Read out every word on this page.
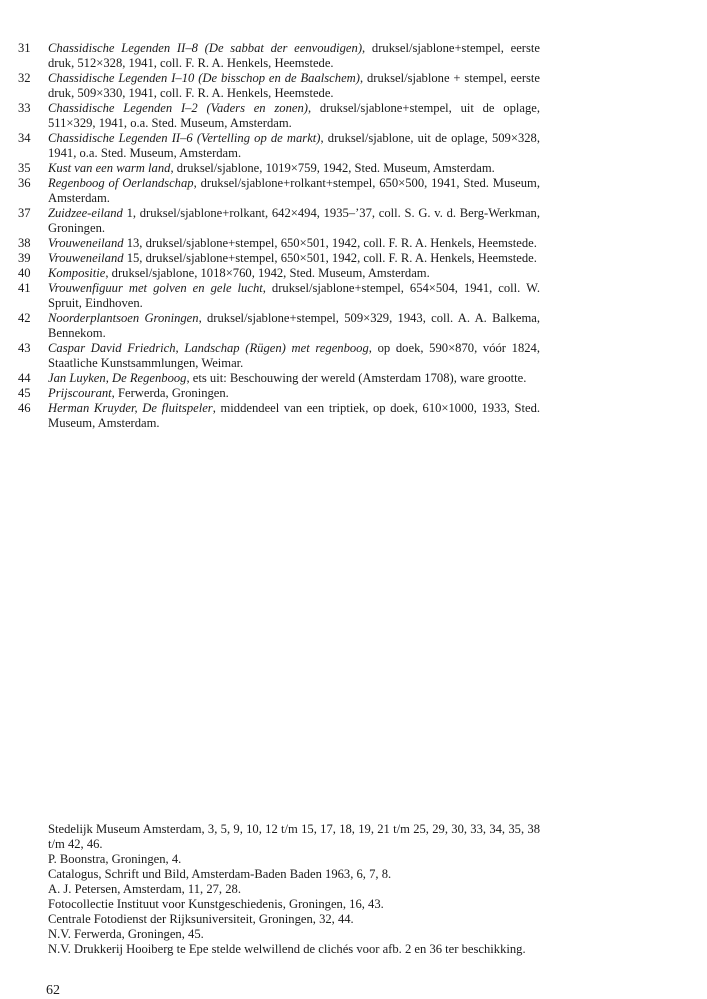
31	Chassidische Legenden II–8 (De sabbat der eenvoudigen), druksel/sjablone+stempel, eerste druk, 512×328, 1941, coll. F. R. A. Henkels, Heemstede.
32	Chassidische Legenden I–10 (De bisschop en de Baalschem), druksel/sjablone + stempel, eerste druk, 509×330, 1941, coll. F. R. A. Henkels, Heemstede.
33	Chassidische Legenden I–2 (Vaders en zonen), druksel/sjablone+stempel, uit de oplage, 511×329, 1941, o.a. Sted. Museum, Amsterdam.
34	Chassidische Legenden II–6 (Vertelling op de markt), druksel/sjablone, uit de oplage, 509×328, 1941, o.a. Sted. Museum, Amsterdam.
35	Kust van een warm land, druksel/sjablone, 1019×759, 1942, Sted. Museum, Amsterdam.
36	Regenboog of Oerlandschap, druksel/sjablone+rolkant+stempel, 650×500, 1941, Sted. Museum, Amsterdam.
37	Zuidzee-eiland 1, druksel/sjablone+rolkant, 642×494, 1935–’37, coll. S. G. v. d. Berg-Werkman, Groningen.
38	Vrouweneiland 13, druksel/sjablone+stempel, 650×501, 1942, coll. F. R. A. Henkels, Heemstede.
39	Vrouweneiland 15, druksel/sjablone+stempel, 650×501, 1942, coll. F. R. A. Henkels, Heemstede.
40	Kompositie, druksel/sjablone, 1018×760, 1942, Sted. Museum, Amsterdam.
41	Vrouwenfiguur met golven en gele lucht, druksel/sjablone+stempel, 654×504, 1941, coll. W. Spruit, Eindhoven.
42	Noorderplantsoen Groningen, druksel/sjablone+stempel, 509×329, 1943, coll. A. A. Balkema, Bennekom.
43	Caspar David Friedrich, Landschap (Rügen) met regenboog, op doek, 590×870, vóór 1824, Staatliche Kunstsammlungen, Weimar.
44	Jan Luyken, De Regenboog, ets uit: Beschouwing der wereld (Amsterdam 1708), ware grootte.
45	Prijscourant, Ferwerda, Groningen.
46	Herman Kruyder, De fluitspeler, middendeel van een triptiek, op doek, 610×1000, 1933, Sted. Museum, Amsterdam.
Stedelijk Museum Amsterdam, 3, 5, 9, 10, 12 t/m 15, 17, 18, 19, 21 t/m 25, 29, 30, 33, 34, 35, 38 t/m 42, 46.
P. Boonstra, Groningen, 4.
Catalogus, Schrift und Bild, Amsterdam-Baden Baden 1963, 6, 7, 8.
A. J. Petersen, Amsterdam, 11, 27, 28.
Fotocollectie Instituut voor Kunstgeschiedenis, Groningen, 16, 43.
Centrale Fotodienst der Rijksuniversiteit, Groningen, 32, 44.
N.V. Ferwerda, Groningen, 45.
N.V. Drukkerij Hooiberg te Epe stelde welwillend de clichés voor afb. 2 en 36 ter beschikking.
62
